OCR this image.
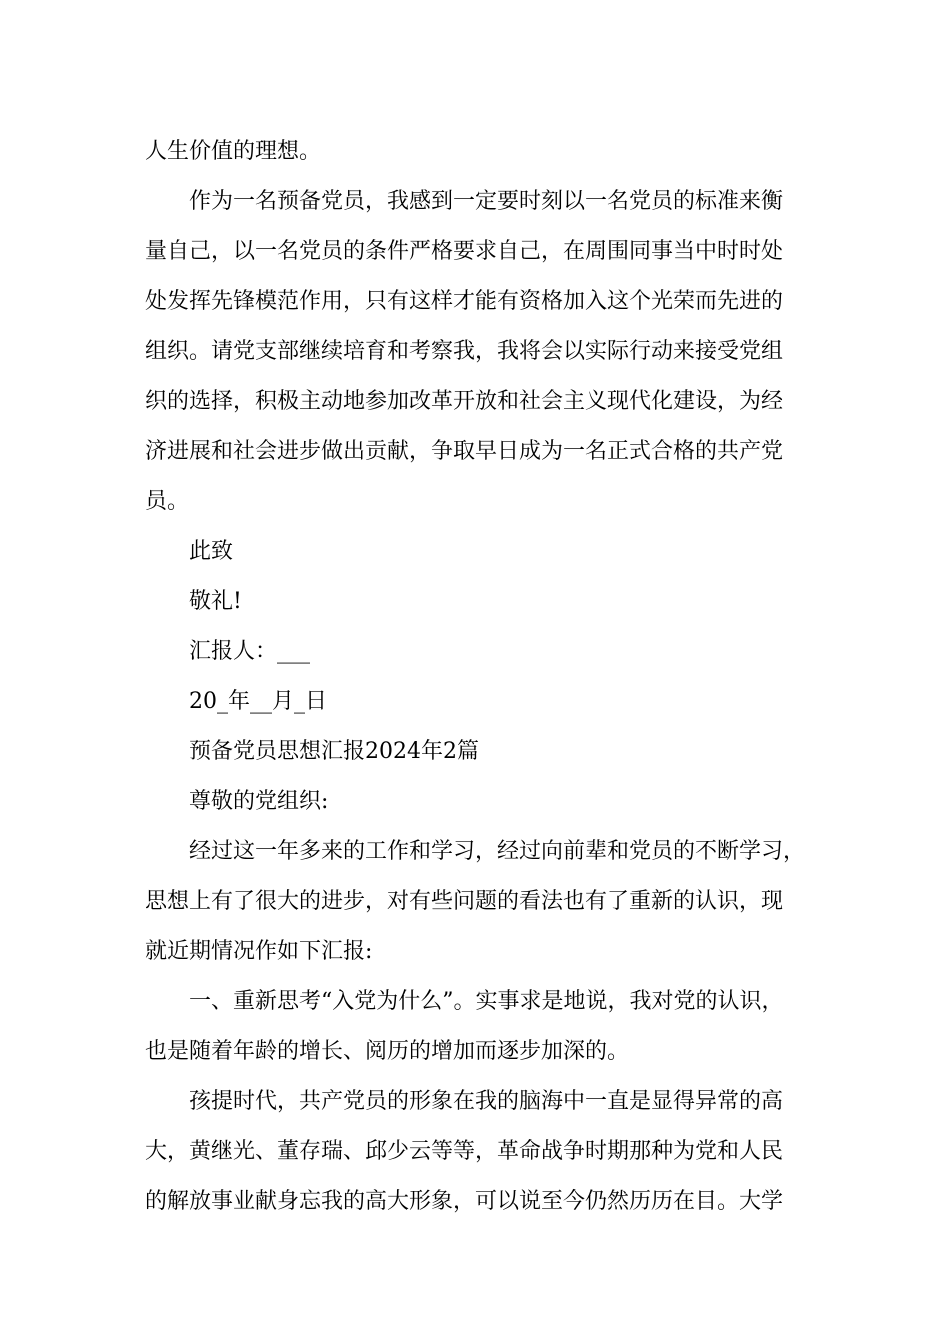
人生价值的理想。
作为一名预备党员，我感到一定要时刻以一名党员的标准来衡
量自己，以一名党员的条件严格要求自己，在周围同事当中时时处
处发挥先锋模范作用，只有这样才能有资格加入这个光荣而先进的
组织。请党支部继续培育和考察我，我将会以实际行动来接受党组
织的选择，积极主动地参加改革开放和社会主义现代化建设，为经
济进展和社会进步做出贡献，争取早日成为一名正式合格的共产党
员。
此致
敬礼!
汇报人：___
20_年__月_日
预备党员思想汇报2024年2篇
尊敬的党组织:
经过这一年多来的工作和学习，经过向前辈和党员的不断学习，
思想上有了很大的进步，对有些问题的看法也有了重新的认识，现
就近期情况作如下汇报:
一、重新思考“入党为什么”。实事求是地说，我对党的认识，
也是随着年龄的增长、阅历的增加而逐步加深的。
孩提时代，共产党员的形象在我的脑海中一直是显得异常的高
大，黄继光、董存瑞、邱少云等等，革命战争时期那种为党和人民
的解放事业献身忘我的高大形象，可以说至今仍然历历在目。大学
